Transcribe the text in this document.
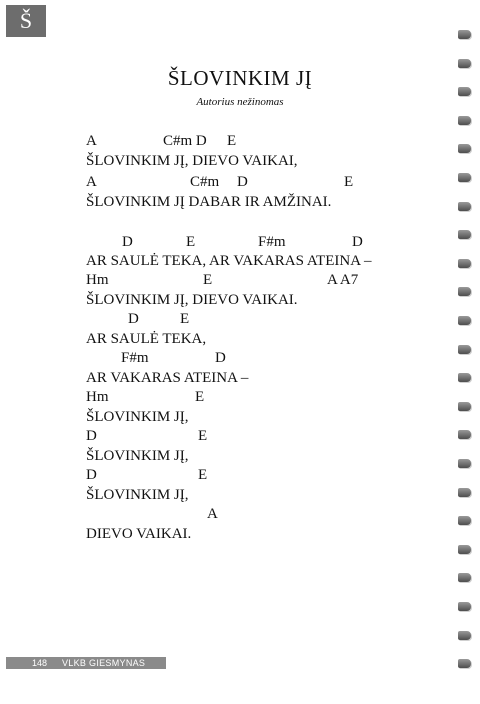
Š
ŠLOVINKIM JĮ
Autorius nežinomas
A	C#m D E
ŠLOVINKIM JĮ, DIEVO VAIKAI,
A	C#m D	E
ŠLOVINKIM JĮ DABAR IR AMŽINAI.
D	E	F#m	D
AR SAULĖ TEKA, AR VAKARAS ATEINA –
Hm	E	A A7
ŠLOVINKIM JĮ, DIEVO VAIKAI.
D	E
AR SAULĖ TEKA,
F#m	D
AR VAKARAS ATEINA –
Hm	E
ŠLOVINKIM JĮ,
D	E
ŠLOVINKIM JĮ,
D	E
ŠLOVINKIM JĮ,
A
DIEVO VAIKAI.
148 VLKB GIESMYNAS
